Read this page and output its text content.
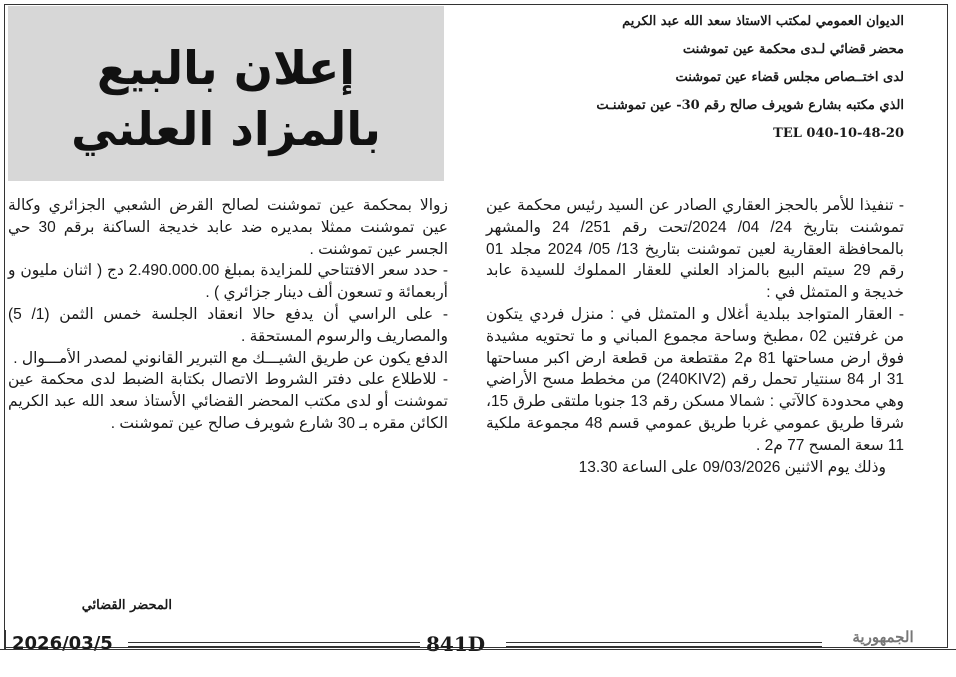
الديوان العمومي لمكتب الاستاذ سعد الله عبد الكريم
محضر قضائي لـدى محكمة عين تموشنت
لدى اختــصاص مجلس قضاء عين تموشنت
الذي مكتبه بشارع شويرف صالح رقم 30- عين تموشنـت
TEL 040-10-48-20
إعلان بالبيع
بالمزاد العلني

- تنفيذا للأمر بالحجز العقاري الصادر عن السيد رئيس محكمة عين تموشنت بتاريخ 24/ 04/ 2024/تحت رقم 251/ 24 والمشهر بالمحافظة العقارية لعين تموشنت بتاريخ 13/ 05/ 2024 مجلد 01 رقم 29 سيتم البيع بالمزاد العلني للعقار المملوك للسيدة عابد خديجة و المتمثل في :

- العقار المتواجد ببلدية أغلال و المتمثل في : منزل فردي يتكون من غرفتين 02 ،مطبخ وساحة مجموع المباني و ما تحتويه مشيدة فوق ارض مساحتها 81 م2 مقتطعة من قطعة ارض اكبر مساحتها 31 ار 84 سنتيار تحمل رقم (240KIV2) من مخطط مسح الأراضي وهي محدودة كالآتي : شمالا مسكن رقم 13 جنوبا ملتقى طرق 15، شرقا طريق عمومي غربا طريق عمومي قسم 48 مجموعة ملكية 11 سعة المسح 77 م2 .

وذلك يوم الاثنين 09/03/2026 على الساعة 13.30

زوالا بمحكمة عين تموشنت لصالح القرض الشعبي الجزائري وكالة عين تموشنت ممثلا بمديره ضد عابد خديجة الساكنة برقم 30 حي الجسر عين تموشنت .

- حدد سعر الافتتاحي للمزايدة بمبلغ 2.490.000.00 دج ( اثنان مليون و أربعمائة و تسعون ألف دينار جزائري ) .

- على الراسي أن يدفع حالا انعقاد الجلسة خمس الثمن (1/ 5) والمصاريف والرسوم المستحقة .

الدفع يكون عن طريق الشيـــك مع التبرير القانوني لمصدر الأمـــوال .

- للاطلاع على دفتر الشروط الاتصال بكتابة الضبط لدى محكمة عين تموشنت أو لدى مكتب المحضر القضائي الأستاذ سعد الله عبد الكريم الكائن مقره بـ 30 شارع شويرف صالح عين تموشنت .

المحضر القضائي
2026/03/5	841D	الجمهورية
